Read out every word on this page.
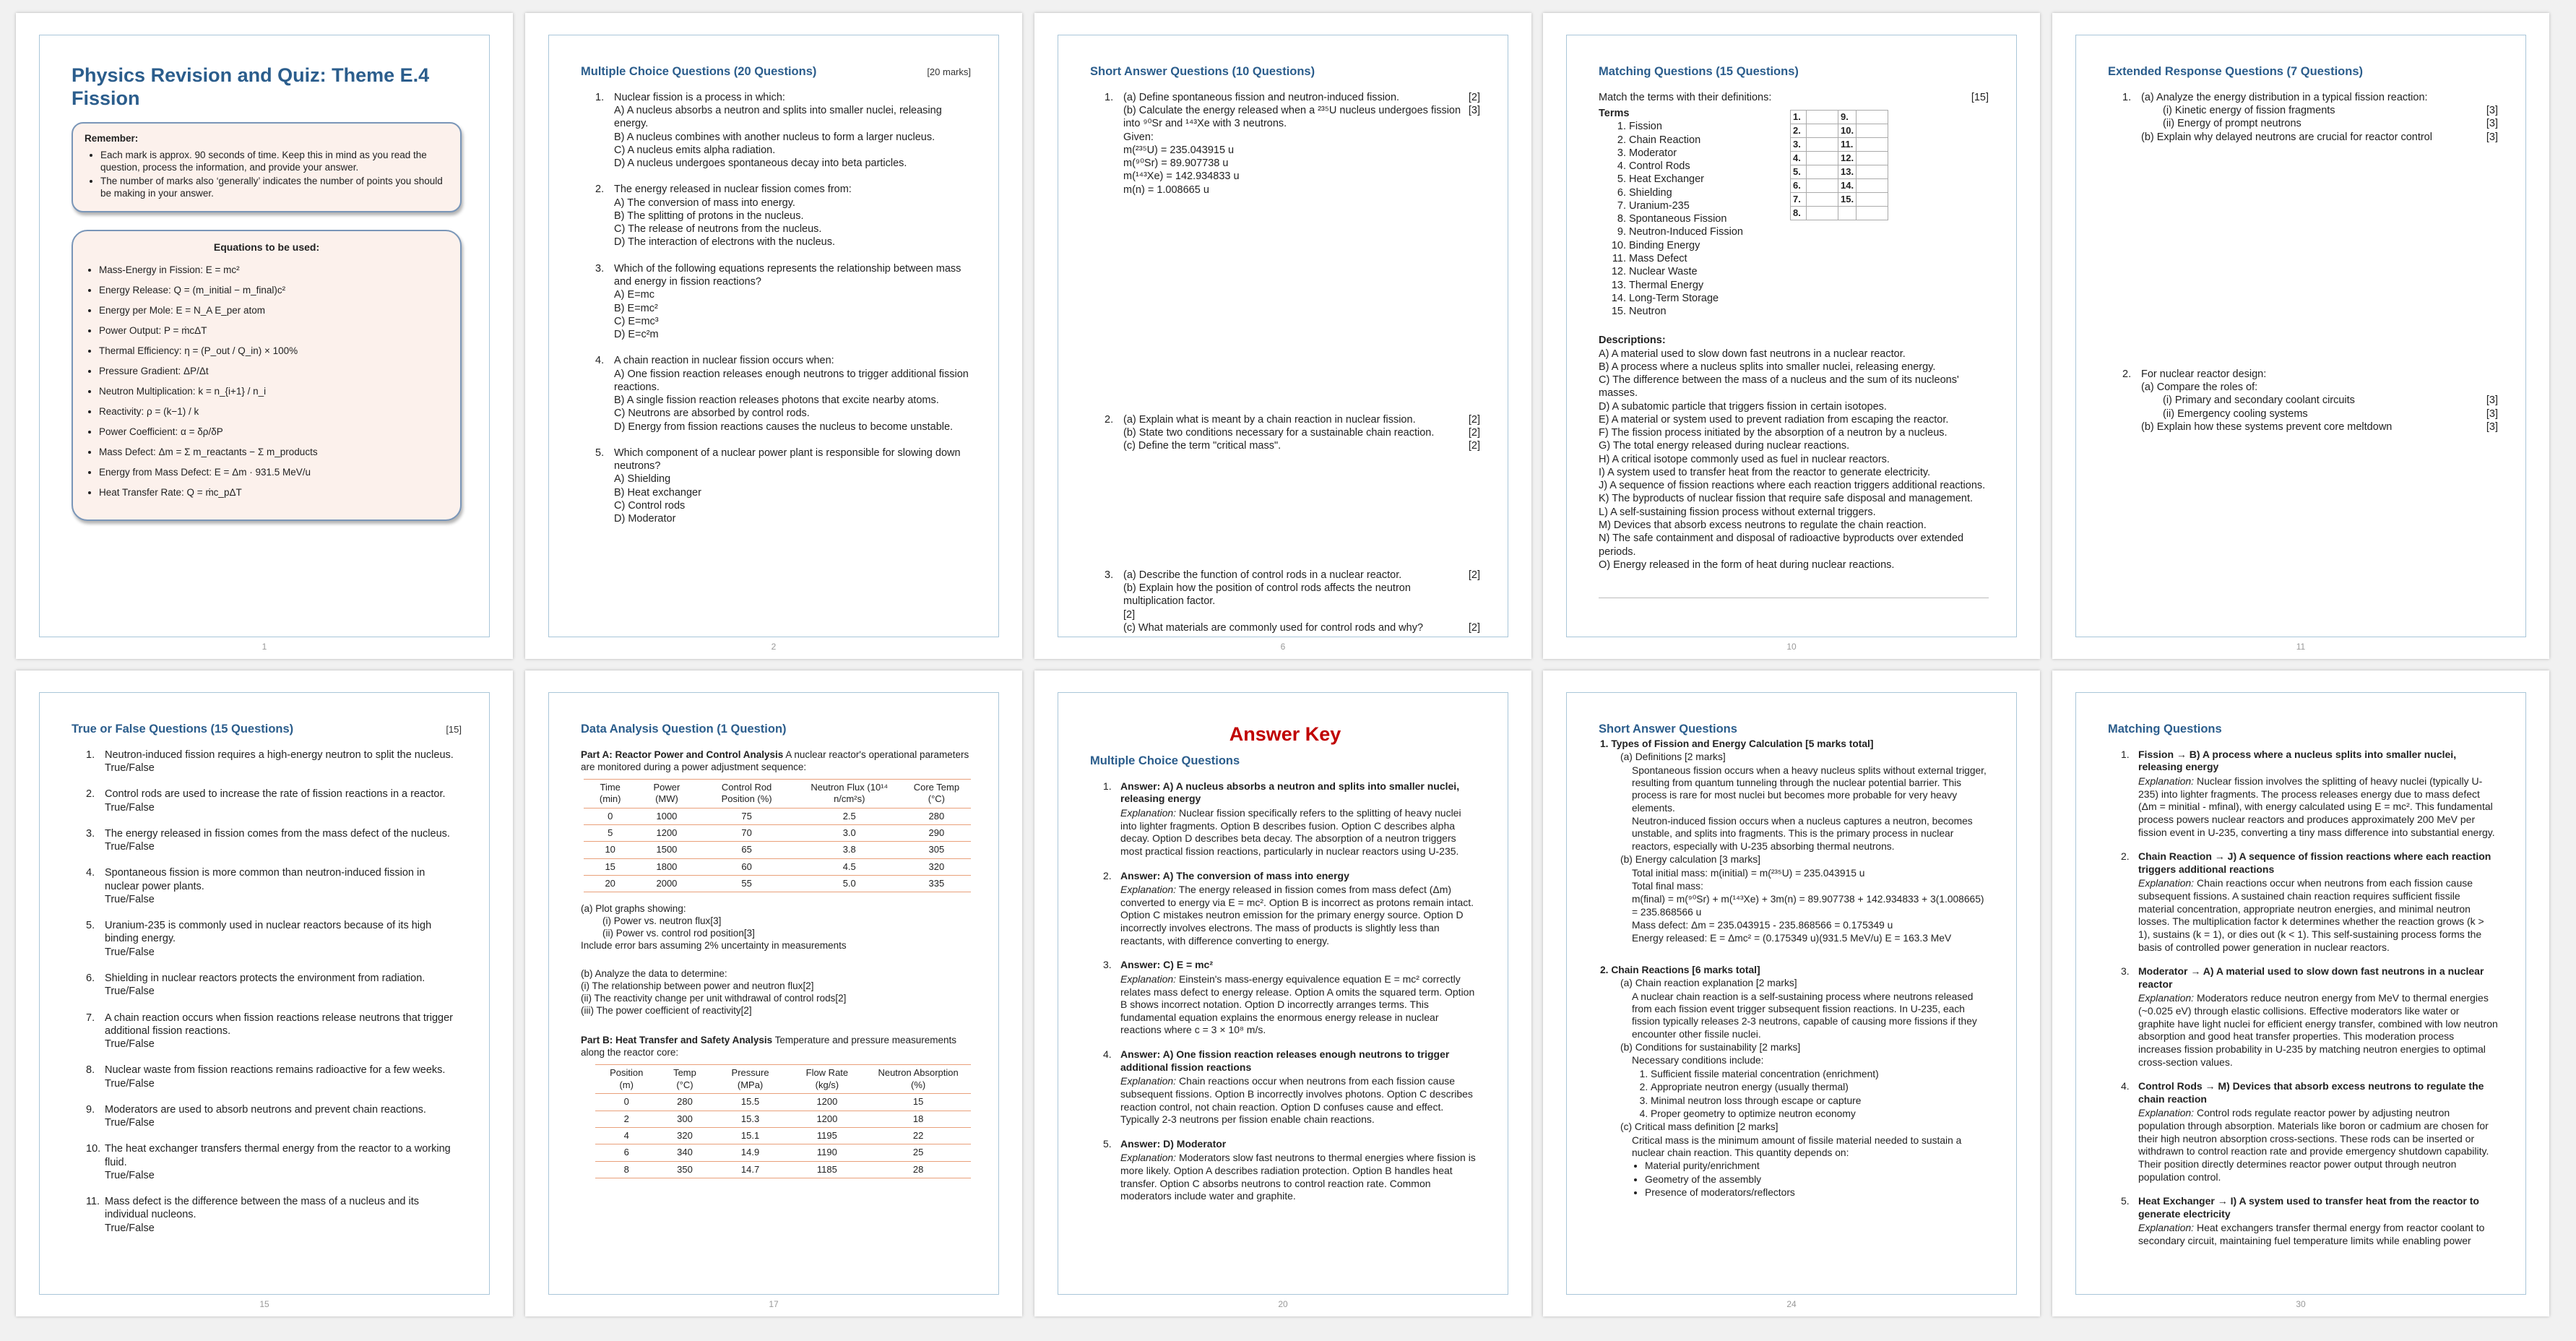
Physics Revision and Quiz: Theme E.4 Fission
Remember:
• Each mark is approx. 90 seconds of time. Keep this in mind as you read the question, process the information, and provide your answer.
• The number of marks also ‘generally’ indicates the number of points you should be making in your answer.
Equations to be used:
• Mass-Energy in Fission: E = mc²
• Energy Release: Q = (m_initial − m_final)c²
• Energy per Mole: E = N_A E_per atom
• Power Output: P = ṁcΔT
• Thermal Efficiency: η = (P_out / Q_in) × 100%
• Pressure Gradient: ΔP/Δt
• Neutron Multiplication: k = n_{i+1} / n_i
• Reactivity: ρ = (k−1) / k
• Power Coefficient: α = δρ/δP
• Mass Defect: Δm = Σ m_reactants − Σ m_products
• Energy from Mass Defect: E = Δm · 931.5 MeV/u
• Heat Transfer Rate: Q = ṁc_pΔT
1
Multiple Choice Questions (20 Questions)	[20 marks]
1. Nuclear fission is a process in which:
A) A nucleus absorbs a neutron and splits into smaller nuclei, releasing energy.
B) A nucleus combines with another nucleus to form a larger nucleus.
C) A nucleus emits alpha radiation.
D) A nucleus undergoes spontaneous decay into beta particles.
2. The energy released in nuclear fission comes from:
A) The conversion of mass into energy.
B) The splitting of protons in the nucleus.
C) The release of neutrons from the nucleus.
D) The interaction of electrons with the nucleus.
3. Which of the following equations represents the relationship between mass and energy in fission reactions?
A) E=mc
B) E=mc²
C) E=mc³
D) E=c²m
4. A chain reaction in nuclear fission occurs when:
A) One fission reaction releases enough neutrons to trigger additional fission reactions.
B) A single fission reaction releases photons that excite nearby atoms.
C) Neutrons are absorbed by control rods.
D) Energy from fission reactions causes the nucleus to become unstable.
5. Which component of a nuclear power plant is responsible for slowing down neutrons?
A) Shielding
B) Heat exchanger
C) Control rods
D) Moderator
2
Short Answer Questions (10 Questions)
1. (a) Define spontaneous fission and neutron-induced fission.	[2]
(b) Calculate the energy released when a ²³⁵U nucleus undergoes fission into ⁹⁰Sr and ¹⁴³Xe with 3 neutrons.
[3]
Given:
m(²³⁵U) = 235.043915 u
m(⁹⁰Sr) = 89.907738 u
m(¹⁴³Xe) = 142.934833 u
m(n) = 1.008665 u
2. (a) Explain what is meant by a chain reaction in nuclear fission.	[2]
(b) State two conditions necessary for a sustainable chain reaction.	[2]
(c) Define the term "critical mass".	[2]
3. (a) Describe the function of control rods in a nuclear reactor.	[2]
(b) Explain how the position of control rods affects the neutron multiplication factor.
[2]
(c) What materials are commonly used for control rods and why?	[2]
6
Matching Questions (15 Questions)
Match the terms with their definitions:	[15]
Terms
1. Fission
2. Chain Reaction
3. Moderator
4. Control Rods
5. Heat Exchanger
6. Shielding
7. Uranium-235
8. Spontaneous Fission
9. Neutron-Induced Fission
10. Binding Energy
11. Mass Defect
12. Nuclear Waste
13. Thermal Energy
14. Long-Term Storage
15. Neutron
1.		9.	
2.		10.	
3.		11.	
4.		12.	
5.		13.	
6.		14.	
7.		15.	
8.			
Descriptions:

A) A material used to slow down fast neutrons in a nuclear reactor.

B) A process where a nucleus splits into smaller nuclei, releasing energy.

C) The difference between the mass of a nucleus and the sum of its nucleons' masses.

D) A subatomic particle that triggers fission in certain isotopes.

E) A material or system used to prevent radiation from escaping the reactor.

F) The fission process initiated by the absorption of a neutron by a nucleus.

G) The total energy released during nuclear reactions.

H) A critical isotope commonly used as fuel in nuclear reactors.

I) A system used to transfer heat from the reactor to generate electricity.

J) A sequence of fission reactions where each reaction triggers additional reactions.

K) The byproducts of nuclear fission that require safe disposal and management.

L) A self-sustaining fission process without external triggers.

M) Devices that absorb excess neutrons to regulate the chain reaction.

N) The safe containment and disposal of radioactive byproducts over extended periods.

O) Energy released in the form of heat during nuclear reactions.

10
Extended Response Questions (7 Questions)
1. (a) Analyze the energy distribution in a typical fission reaction:
(i) Kinetic energy of fission fragments	[3]
(ii) Energy of prompt neutrons	[3]
(b) Explain why delayed neutrons are crucial for reactor control	[3]
2. For nuclear reactor design:
(a) Compare the roles of:
(i) Primary and secondary coolant circuits	[3]
(ii) Emergency cooling systems	[3]
(b) Explain how these systems prevent core meltdown	[3]
11
True or False Questions (15 Questions)	[15]
1. Neutron-induced fission requires a high-energy neutron to split the nucleus.
True/False
2. Control rods are used to increase the rate of fission reactions in a reactor.
True/False
3. The energy released in fission comes from the mass defect of the nucleus.
True/False
4. Spontaneous fission is more common than neutron-induced fission in nuclear power plants.
True/False
5. Uranium-235 is commonly used in nuclear reactors because of its high binding energy.
True/False
6. Shielding in nuclear reactors protects the environment from radiation.
True/False
7. A chain reaction occurs when fission reactions release neutrons that trigger additional fission reactions.
True/False
8. Nuclear waste from fission reactions remains radioactive for a few weeks.
True/False
9. Moderators are used to absorb neutrons and prevent chain reactions.
True/False
10. The heat exchanger transfers thermal energy from the reactor to a working fluid.
True/False
11. Mass defect is the difference between the mass of a nucleus and its individual nucleons.
True/False
15
Data Analysis Question (1 Question)
Part A: Reactor Power and Control Analysis A nuclear reactor's operational parameters are monitored during a power adjustment sequence:
Time (min)	Power (MW)	Control Rod Position (%)	Neutron Flux (10¹⁴ n/cm²s)	Core Temp (°C)
0	1000	75	2.5	280
5	1200	70	3.0	290
10	1500	65	3.8	305
15	1800	60	4.5	320
20	2000	55	5.0	335
(a) Plot graphs showing:
(i) Power vs. neutron flux[3]
(ii) Power vs. control rod position[3]
Include error bars assuming 2% uncertainty in measurements
(b) Analyze the data to determine:
(i) The relationship between power and neutron flux[2]
(ii) The reactivity change per unit withdrawal of control rods[2]
(iii) The power coefficient of reactivity[2]
Part B: Heat Transfer and Safety Analysis Temperature and pressure measurements along the reactor core:
Position (m)	Temp (°C)	Pressure (MPa)	Flow Rate (kg/s)	Neutron Absorption (%)
0	280	15.5	1200	15
2	300	15.3	1200	18
4	320	15.1	1195	22
6	340	14.9	1190	25
8	350	14.7	1185	28
17
Answer Key
Multiple Choice Questions
1. Answer: A) A nucleus absorbs a neutron and splits into smaller nuclei, releasing energy
Explanation: Nuclear fission specifically refers to the splitting of heavy nuclei into lighter fragments. Option B describes fusion. Option C describes alpha decay. Option D describes beta decay. The absorption of a neutron triggers most practical fission reactions, particularly in nuclear reactors using U-235.
2. Answer: A) The conversion of mass into energy
Explanation: The energy released in fission comes from mass defect (Δm) converted to energy via E = mc². Option B is incorrect as protons remain intact. Option C mistakes neutron emission for the primary energy source. Option D incorrectly involves electrons. The mass of products is slightly less than reactants, with difference converting to energy.
3. Answer: C) E = mc²
Explanation: Einstein's mass-energy equivalence equation E = mc² correctly relates mass defect to energy release. Option A omits the squared term. Option B shows incorrect notation. Option D incorrectly arranges terms. This fundamental equation explains the enormous energy release in nuclear reactions where c = 3 × 10⁸ m/s.
4. Answer: A) One fission reaction releases enough neutrons to trigger additional fission reactions
Explanation: Chain reactions occur when neutrons from each fission cause subsequent fissions. Option B incorrectly involves photons. Option C describes reaction control, not chain reaction. Option D confuses cause and effect. Typically 2-3 neutrons per fission enable chain reactions.
5. Answer: D) Moderator
Explanation: Moderators slow fast neutrons to thermal energies where fission is more likely. Option A describes radiation protection. Option B handles heat transfer. Option C absorbs neutrons to control reaction rate. Common moderators include water and graphite.
20
Short Answer Questions
1. Types of Fission and Energy Calculation [5 marks total]
(a) Definitions [2 marks]
Spontaneous fission occurs when a heavy nucleus splits without external trigger, resulting from quantum tunneling through the nuclear potential barrier. This process is rare for most nuclei but becomes more probable for very heavy elements.
Neutron-induced fission occurs when a nucleus captures a neutron, becomes unstable, and splits into fragments. This is the primary process in nuclear reactors, especially with U-235 absorbing thermal neutrons.
(b) Energy calculation [3 marks]
Total initial mass: m(initial) = m(²³⁵U) = 235.043915 u
Total final mass:
m(final) = m(⁹⁰Sr) + m(¹⁴³Xe) + 3m(n) = 89.907738 + 142.934833 + 3(1.008665) = 235.868566 u
Mass defect: Δm = 235.043915 - 235.868566 = 0.175349 u
Energy released: E = Δmc² = (0.175349 u)(931.5 MeV/u) E = 163.3 MeV
2. Chain Reactions [6 marks total]
(a) Chain reaction explanation [2 marks]
A nuclear chain reaction is a self-sustaining process where neutrons released from each fission event trigger subsequent fission reactions. In U-235, each fission typically releases 2-3 neutrons, capable of causing more fissions if they encounter other fissile nuclei.
(b) Conditions for sustainability [2 marks]
Necessary conditions include:
1. Sufficient fissile material concentration (enrichment)
2. Appropriate neutron energy (usually thermal)
3. Minimal neutron loss through escape or capture
4. Proper geometry to optimize neutron economy
(c) Critical mass definition [2 marks]
Critical mass is the minimum amount of fissile material needed to sustain a nuclear chain reaction. This quantity depends on:
• Material purity/enrichment
• Geometry of the assembly
• Presence of moderators/reflectors
24
Matching Questions
1. Fission → B) A process where a nucleus splits into smaller nuclei, releasing energy
Explanation: Nuclear fission involves the splitting of heavy nuclei (typically U-235) into lighter fragments. The process releases energy due to mass defect (Δm = minitial - mfinal), with energy calculated using E = mc². This fundamental process powers nuclear reactors and produces approximately 200 MeV per fission event in U-235, converting a tiny mass difference into substantial energy.
2. Chain Reaction → J) A sequence of fission reactions where each reaction triggers additional reactions
Explanation: Chain reactions occur when neutrons from each fission cause subsequent fissions. A sustained chain reaction requires sufficient fissile material concentration, appropriate neutron energies, and minimal neutron losses. The multiplication factor k determines whether the reaction grows (k > 1), sustains (k = 1), or dies out (k < 1). This self-sustaining process forms the basis of controlled power generation in nuclear reactors.
3. Moderator → A) A material used to slow down fast neutrons in a nuclear reactor
Explanation: Moderators reduce neutron energy from MeV to thermal energies (~0.025 eV) through elastic collisions. Effective moderators like water or graphite have light nuclei for efficient energy transfer, combined with low neutron absorption and good heat transfer properties. This moderation process increases fission probability in U-235 by matching neutron energies to optimal cross-section values.
4. Control Rods → M) Devices that absorb excess neutrons to regulate the chain reaction
Explanation: Control rods regulate reactor power by adjusting neutron population through absorption. Materials like boron or cadmium are chosen for their high neutron absorption cross-sections. These rods can be inserted or withdrawn to control reaction rate and provide emergency shutdown capability. Their position directly determines reactor power output through neutron population control.
5. Heat Exchanger → I) A system used to transfer heat from the reactor to generate electricity
Explanation: Heat exchangers transfer thermal energy from reactor coolant to secondary circuit, maintaining fuel temperature limits while enabling power
30
